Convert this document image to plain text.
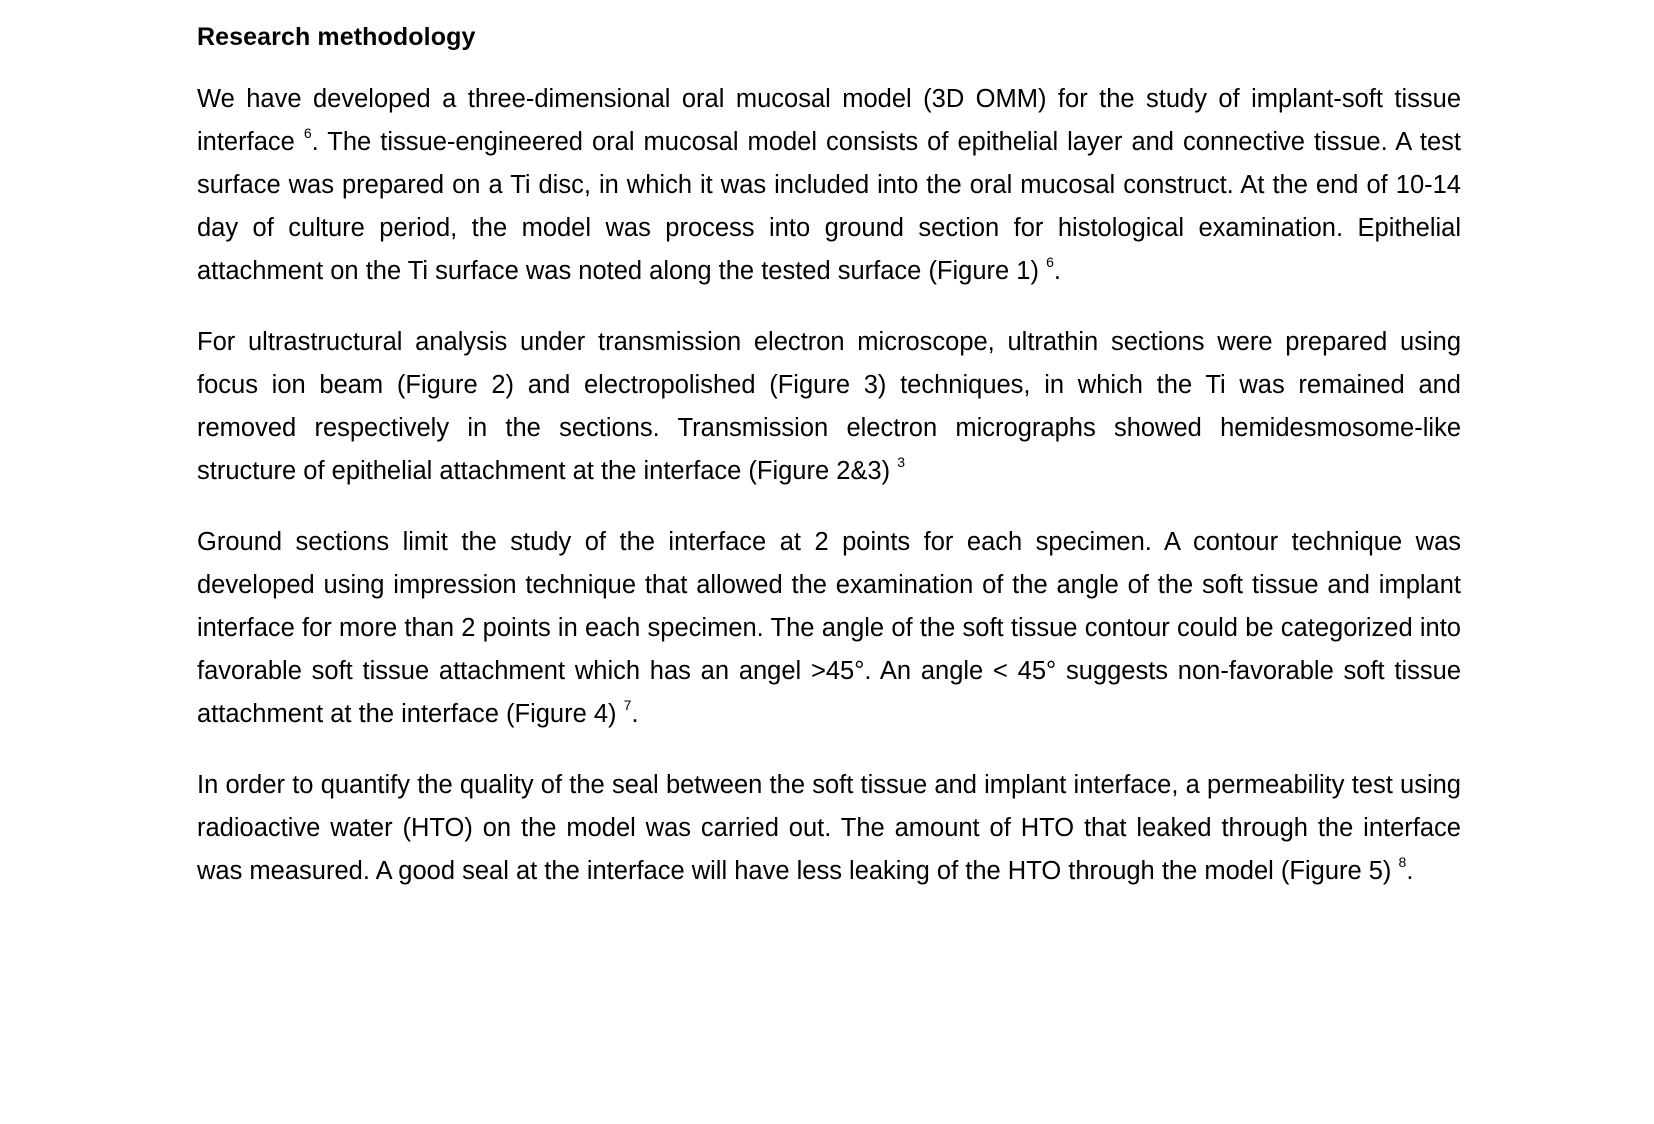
Research methodology

We have developed a three-dimensional oral mucosal model (3D OMM) for the study of implant-soft tissue interface $^6$. The tissue-engineered oral mucosal model consists of epithelial layer and connective tissue. A test surface was prepared on a Ti disc, in which it was included into the oral mucosal construct. At the end of 10-14 day of culture period, the model was process into ground section for histological examination. Epithelial attachment on the Ti surface was noted along the tested surface (Figure 1) $^6$.

For ultrastructural analysis under transmission electron microscope, ultrathin sections were prepared using focus ion beam (Figure 2) and electropolished (Figure 3) techniques, in which the Ti was remained and removed respectively in the sections. Transmission electron micrographs showed hemidesmosome-like structure of epithelial attachment at the interface (Figure 2&3) $^3$

Ground sections limit the study of the interface at 2 points for each specimen. A contour technique was developed using impression technique that allowed the examination of the angle of the soft tissue and implant interface for more than 2 points in each specimen. The angle of the soft tissue contour could be categorized into favorable soft tissue attachment which has an angel >45°. An angle < 45° suggests non-favorable soft tissue attachment at the interface (Figure 4) $^7$.

In order to quantify the quality of the seal between the soft tissue and implant interface, a permeability test using radioactive water (HTO) on the model was carried out. The amount of HTO that leaked through the interface was measured. A good seal at the interface will have less leaking of the HTO through the model (Figure 5) $^8$.
